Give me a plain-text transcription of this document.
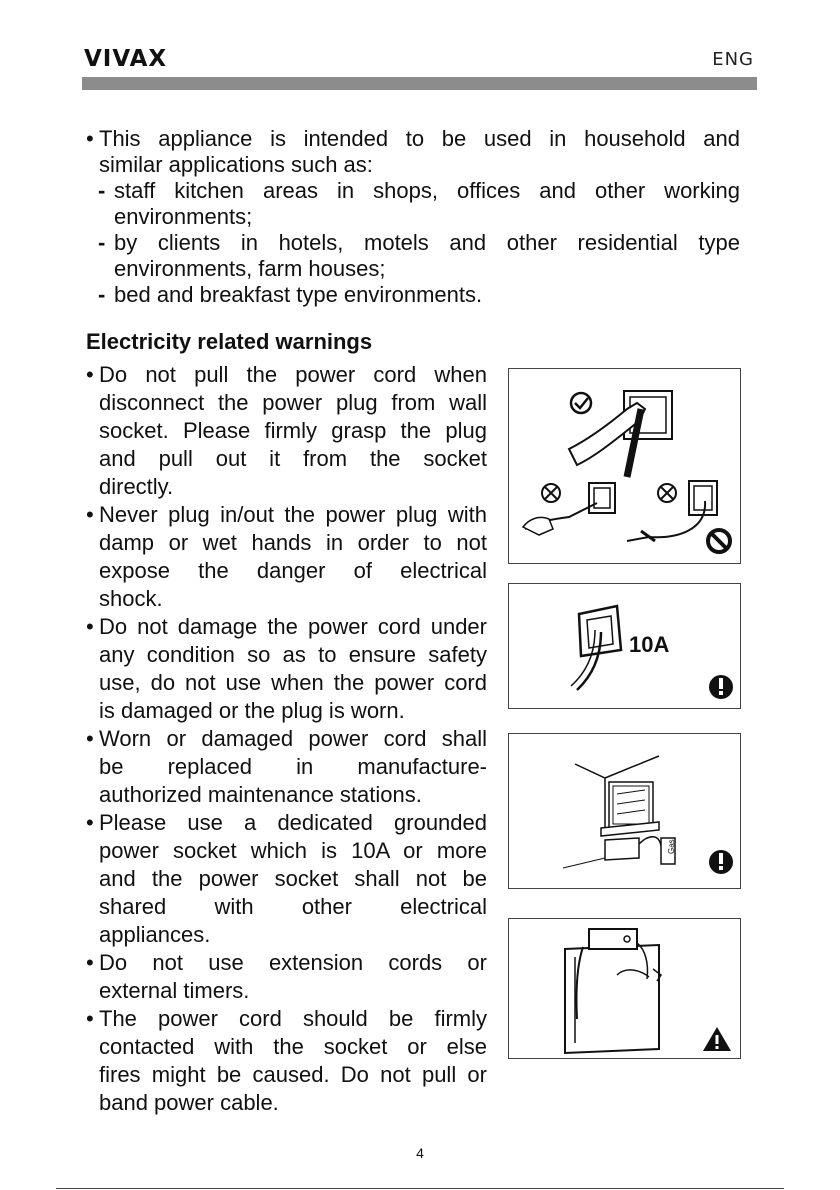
VIVAX	ENG
• This appliance is intended to be used in household and
similar applications such as:
- staff kitchen areas in shops, offices and other working
environments;
- by clients in hotels, motels and other residential type
environments, farm houses;
- bed and breakfast type environments.
Electricity related warnings
• Do not pull the power cord when
disconnect the power plug from wall
socket. Please firmly grasp the plug
and pull out it from the socket
directly.
• Never plug in/out the power plug with
damp or wet hands in order to not
expose the danger of electrical
shock.
• Do not damage the power cord under
any condition so as to ensure safety
use, do not use when the power cord
is damaged or the plug is worn.
• Worn or damaged power cord shall
be replaced in manufacture-
authorized maintenance stations.
• Please use a dedicated grounded
power socket which is 10A or more
and the power socket shall not be
shared with other electrical
appliances.
• Do not use extension cords or
external timers.
• The power cord should be firmly
contacted with the socket or else
fires might be caused. Do not pull or
band power cable.
10A
Gas
4
